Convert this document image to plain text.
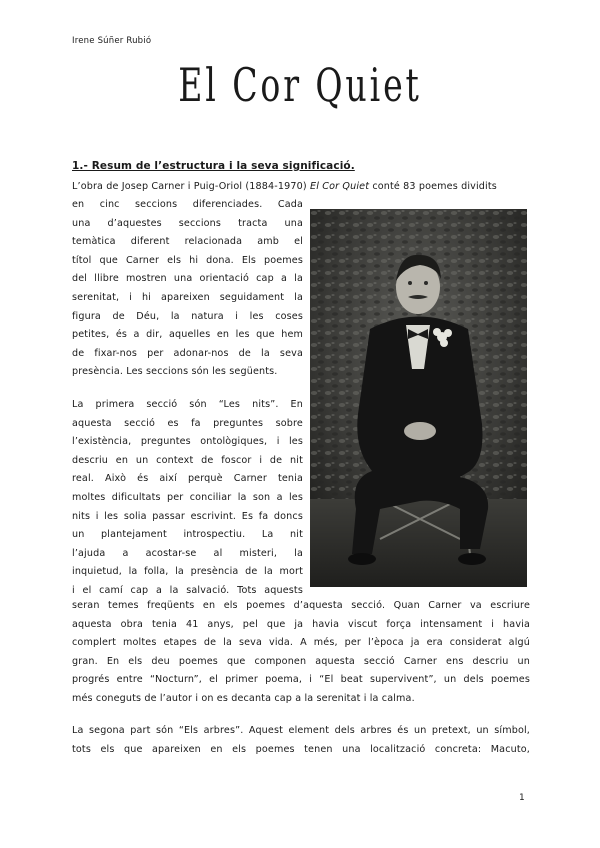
Irene Súñer Rubió
El Cor Quiet
1.- Resum de l’estructura i la seva significació.
L’obra de Josep Carner i Puig-Oriol (1884-1970) El Cor Quiet conté 83 poemes dividits
en cinc seccions diferenciades. Cada
una d’aquestes seccions tracta una
temàtica diferent relacionada amb el
títol que Carner els hi dona. Els poemes
del llibre mostren una orientació cap a la
serenitat, i hi apareixen seguidament la
figura de Déu, la natura i les coses
petites, és a dir, aquelles en les que hem
de fixar-nos per adonar-nos de la seva
presència. Les seccions són les següents.
La primera secció són “Les nits”. En
aquesta secció es fa preguntes sobre
l’existència, preguntes ontològiques, i les
descriu en un context de foscor i de nit
real. Això és així perquè Carner tenia
moltes dificultats per conciliar la son a les
nits i les solia passar escrivint. Es fa doncs
un plantejament introspectiu. La nit
l’ajuda a acostar-se al misteri, la
inquietud, la folla, la presència de la mort
i el camí cap a la salvació. Tots aquests
seran temes freqüents en els poemes d’aquesta secció. Quan Carner va escriure
aquesta obra tenia 41 anys, pel que ja havia viscut força intensament i havia
complert moltes etapes de la seva vida. A més, per l’època ja era considerat algú
gran. En els deu poemes que componen aquesta secció Carner ens descriu un
progrés entre “Nocturn”, el primer poema, i “El beat supervivent”, un dels poemes
més coneguts de l’autor i on es decanta cap a la serenitat i la calma.
La segona part són “Els arbres”. Aquest element dels arbres és un pretext, un símbol,
tots els que apareixen en els poemes tenen una localització concreta: Macuto,
1
